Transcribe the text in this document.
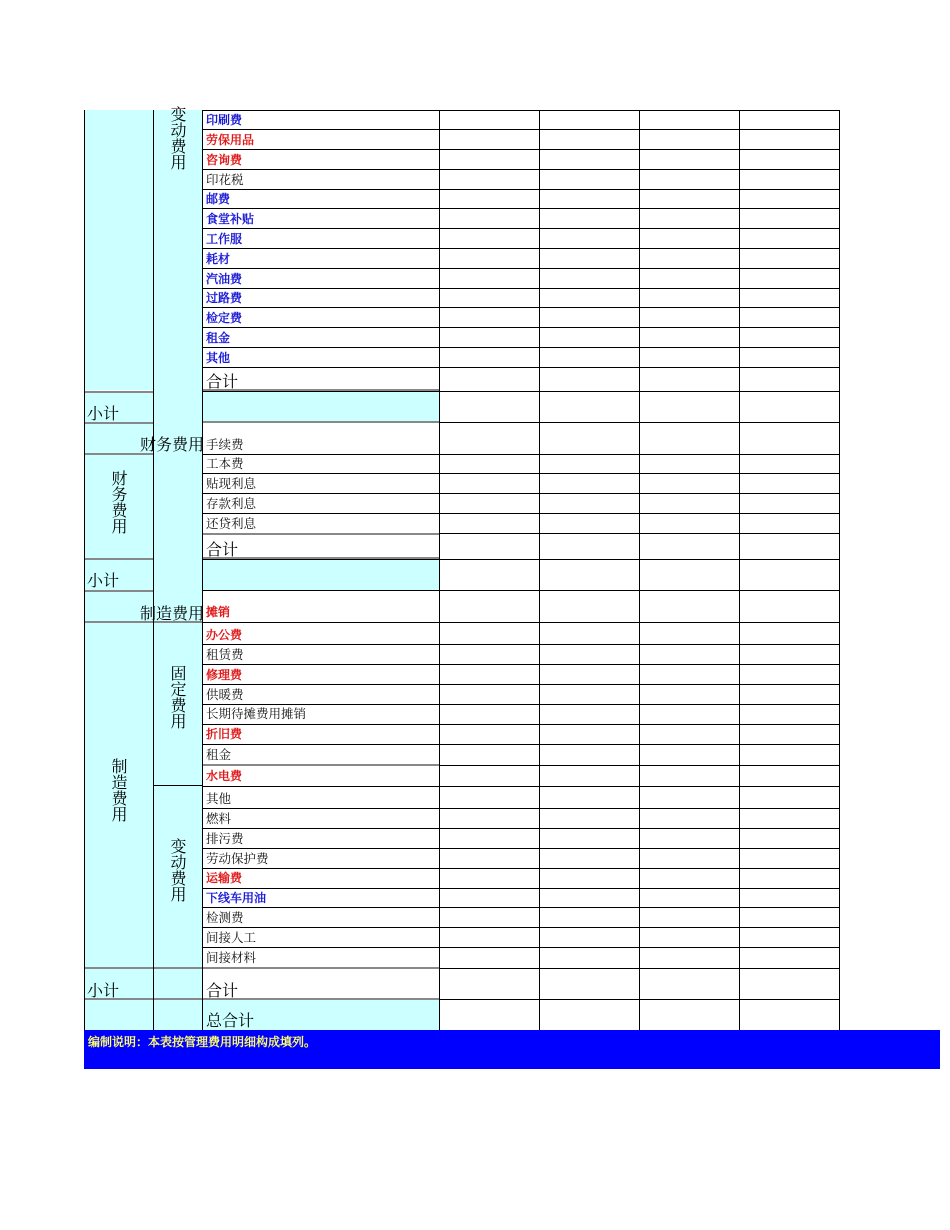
变动费用 印刷费
劳保用品
咨询费
印花税
邮费
食堂补贴
工作服
耗材
汽油费
过路费
检定费
租金
其他
合计
小计
财务费用
财务费用
手续费
工本费
贴现利息
存款利息
还贷利息
合计
小计
制造费用 摊销
制造费用
固定费用
变动费用
办公费
租赁费
修理费
供暖费
长期待摊费用摊销
折旧费
租金
水电费
其他
燃料
排污费
劳动保护费
运输费
下线车用油
检测费
间接人工
间接材料
小计	合计
总合计
编制说明：本表按管理费用明细构成填列。
